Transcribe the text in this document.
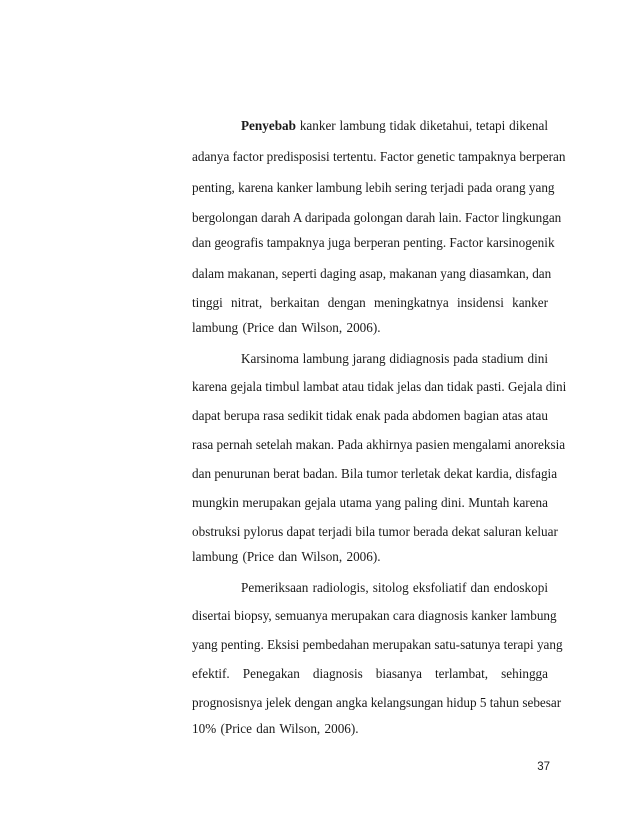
Penyebab kanker lambung tidak diketahui, tetapi dikenal
adanya factor predisposisi tertentu. Factor genetic tampaknya berperan
penting, karena kanker lambung lebih sering terjadi pada orang yang
bergolongan darah A daripada golongan darah lain. Factor lingkungan
dan geografis tampaknya juga berperan penting. Factor karsinogenik
dalam makanan, seperti daging asap, makanan yang diasamkan, dan
tinggi nitrat, berkaitan dengan meningkatnya insidensi kanker
lambung (Price dan Wilson, 2006).
Karsinoma lambung jarang didiagnosis pada stadium dini
karena gejala timbul lambat atau tidak jelas dan tidak pasti. Gejala dini
dapat berupa rasa sedikit tidak enak pada abdomen bagian atas atau
rasa pernah setelah makan. Pada akhirnya pasien mengalami anoreksia
dan penurunan berat badan. Bila tumor terletak dekat kardia, disfagia
mungkin merupakan gejala utama yang paling dini. Muntah karena
obstruksi pylorus dapat terjadi bila tumor berada dekat saluran keluar
lambung (Price dan Wilson, 2006).
Pemeriksaan radiologis, sitolog eksfoliatif dan endoskopi
disertai biopsy, semuanya merupakan cara diagnosis kanker lambung
yang penting. Eksisi pembedahan merupakan satu-satunya terapi yang
efektif. Penegakan diagnosis biasanya terlambat, sehingga
prognosisnya jelek dengan angka kelangsungan hidup 5 tahun sebesar
10% (Price dan Wilson, 2006).
37
